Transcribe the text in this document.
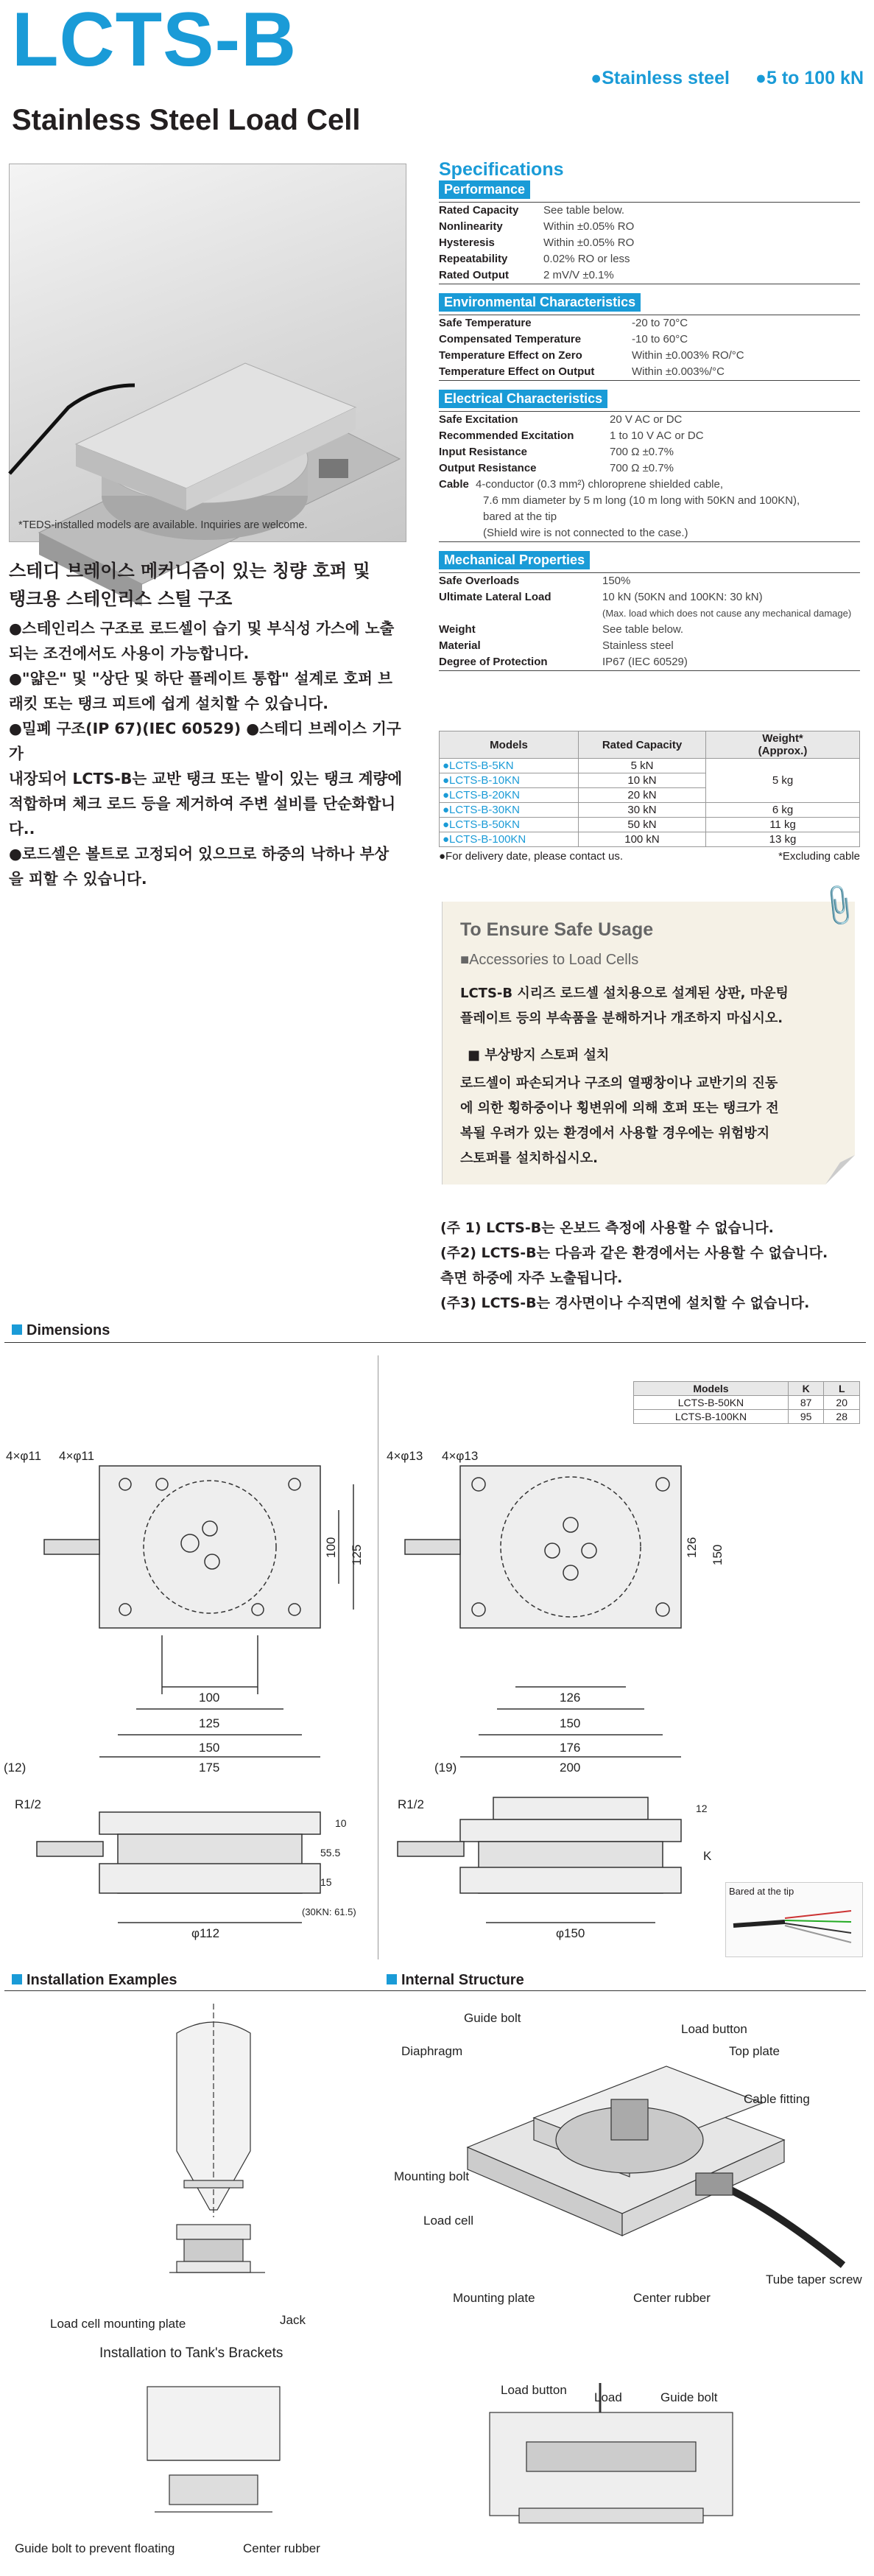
LCTS-B
Stainless Steel Load Cell
●Stainless steel ●5 to 100 kN
*TEDS-installed models are available. Inquiries are welcome.

스테디 브레이스 메커니즘이 있는 칭량 호퍼 및

탱크용 스테인리스 스틸 구조

●스테인리스 구조로 로드셀이 습기 및 부식성 가스에 노출

되는 조건에서도 사용이 가능합니다.

●"얇은" 및 "상단 및 하단 플레이트 통합" 설계로 호퍼 브

래킷 또는 탱크 피트에 쉽게 설치할 수 있습니다.

●밀폐 구조(IP 67)(IEC 60529) ●스테디 브레이스 기구가

내장되어 LCTS-B는 교반 탱크 또는 발이 있는 탱크 계량에

적합하며 체크 로드 등을 제거하여 주변 설비를 단순화합니

다..

●로드셀은 볼트로 고정되어 있으므로 하중의 낙하나 부상

을 피할 수 있습니다.

Specifications
Performance
Rated Capacity	See table below.
Nonlinearity	Within ±0.05% RO
Hysteresis	Within ±0.05% RO
Repeatability	0.02% RO or less
Rated Output	2 mV/V ±0.1%
Environmental Characteristics
Safe Temperature	-20 to 70°C
Compensated Temperature	-10 to 60°C
Temperature Effect on Zero	Within ±0.003% RO/°C
Temperature Effect on Output	Within ±0.003%/°C
Electrical Characteristics
Safe Excitation	20 V AC or DC
Recommended Excitation	1 to 10 V AC or DC
Input Resistance	700 Ω ±0.7%
Output Resistance	700 Ω ±0.7%
Cable 4-conductor (0.3 mm²) chloroprene shielded cable,
7.6 mm diameter by 5 m long (10 m long with 50KN and 100KN),
bared at the tip
(Shield wire is not connected to the case.)
Mechanical Properties
Safe Overloads	150%
Ultimate Lateral Load	10 kN (50KN and 100KN: 30 kN)
(Max. load which does not cause any mechanical damage)
Weight	See table below.
Material	Stainless steel
Degree of Protection	IP67 (IEC 60529)
Models	Rated Capacity	Weight*
(Approx.)
●LCTS-B-5KN	5 kN	5 kg
●LCTS-B-10KN	10 kN	
●LCTS-B-20KN	20 kN	
●LCTS-B-30KN	30 kN	6 kg
●LCTS-B-50KN	50 kN	11 kg
●LCTS-B-100KN	100 kN	13 kg
●For delivery date, please contact us.	*Excluding cable
To Ensure Safe Usage
■Accessories to Load Cells
LCTS-B 시리즈 로드셀 설치용으로 설계된 상판, 마운팅
플레이트 등의 부속품을 분해하거나 개조하지 마십시오.
■ 부상방지 스토퍼 설치
로드셀이 파손되거나 구조의 열팽창이나 교반기의 진동
에 의한 횡하중이나 횡변위에 의해 호퍼 또는 탱크가 전
복될 우려가 있는 환경에서 사용할 경우에는 위험방지
스토퍼를 설치하십시오.
📎
(주 1) LCTS-B는 온보드 측정에 사용할 수 없습니다.
(주2) LCTS-B는 다음과 같은 환경에서는 사용할 수 없습니다.
측면 하중에 자주 노출됩니다.
(주3) LCTS-B는 경사면이나 수직면에 설치할 수 없습니다.
Dimensions
Models	K	L
LCTS-B-50KN	87	20
LCTS-B-100KN	95	28
4×φ11 4×φ11
100
125
150
175
(12)
100 125
R1/2
10
55.5
15
(30KN: 61.5)
φ112
4×φ13 4×φ13
126
150
176
200
(19)
126 150
R1/2	12
K
φ150
Bared at the tip
Installation Examples	Internal Structure
Load cell mounting plate	Jack
Installation to Tank's Brackets
Guide bolt to prevent floating	Center rubber
Guide bolt
Load button
Diaphragm	Top plate
Cable fitting
Mounting bolt
Load cell
Tube taper screw
Mounting plate	Center rubber
Load button
Load	Guide bolt
